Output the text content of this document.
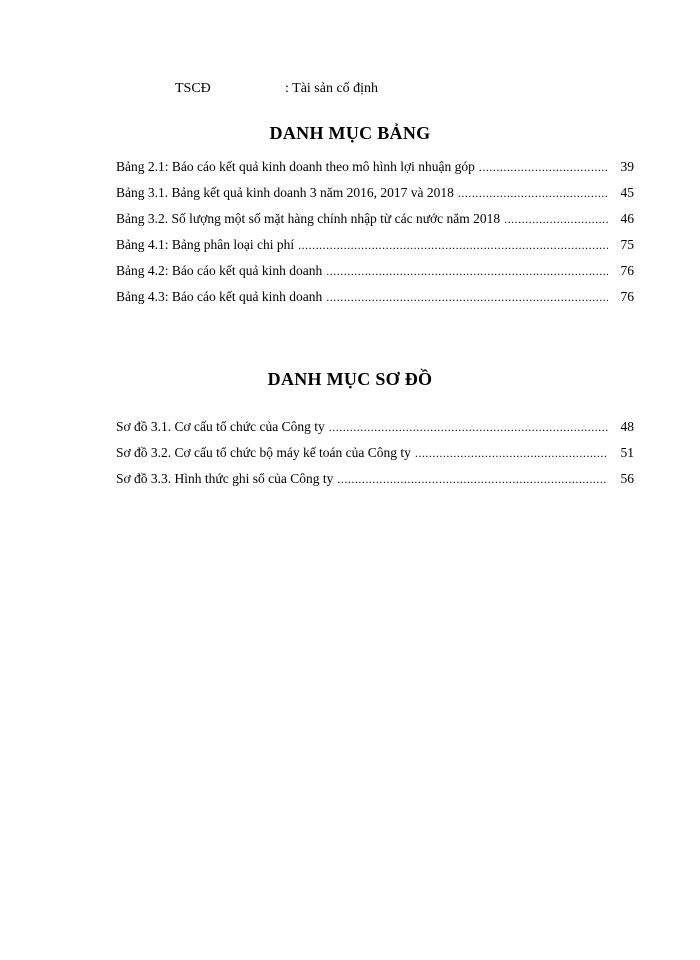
TSCĐ	: Tài sản cố định
DANH MỤC BẢNG
Bảng 2.1: Báo cáo kết quả kinh doanh theo mô hình lợi nhuận góp .....	39
Bảng 3.1. Bảng kết quả kinh doanh 3 năm 2016, 2017 và 2018 .....	45
Bảng 3.2. Số lượng một số mặt hàng chính nhập từ các nước năm 2018 .....	46
Bảng 4.1: Bảng phân loại chi phí .....	75
Bảng 4.2: Báo cáo kết quả kinh doanh .....	76
Bảng 4.3: Báo cáo kết quả kinh doanh .....	76
DANH MỤC SƠ ĐỒ
Sơ đồ 3.1. Cơ cấu tổ chức của Công ty .....	48
Sơ đồ 3.2. Cơ cấu tổ chức bộ máy kế toán của Công ty .....	51
Sơ đồ 3.3. Hình thức ghi sổ của Công ty .....	56
